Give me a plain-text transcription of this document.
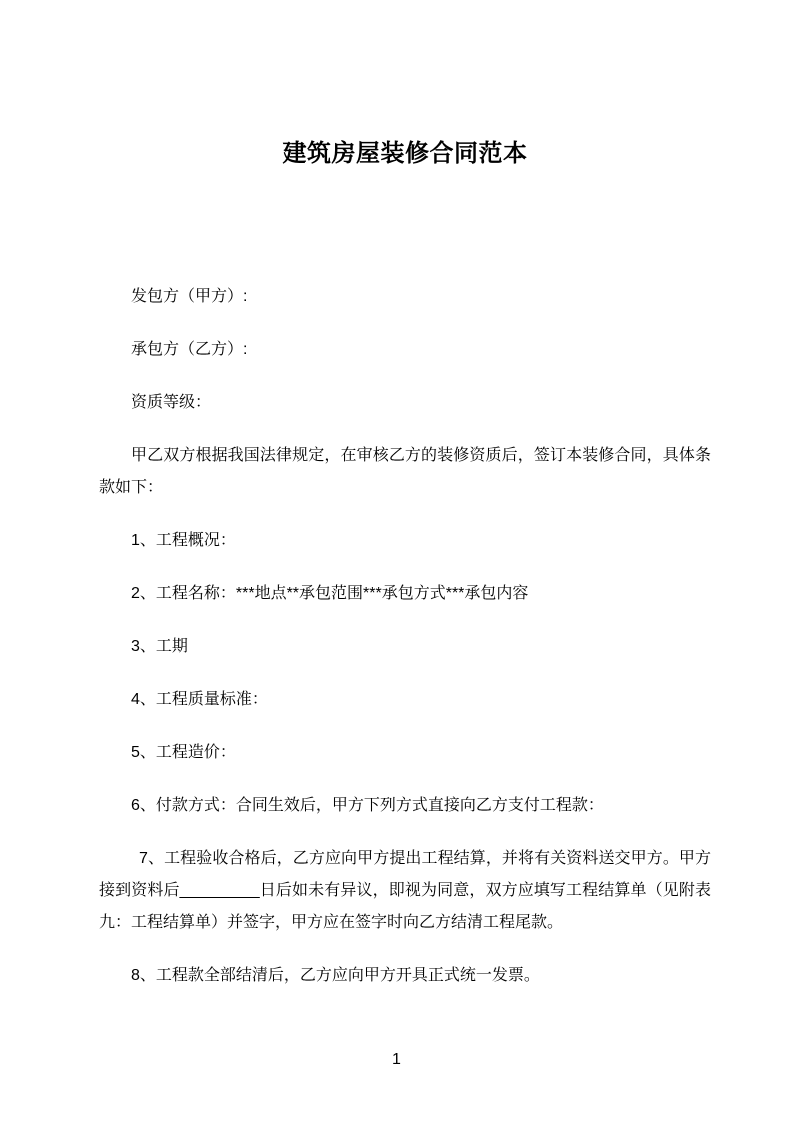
建筑房屋装修合同范本

发包方（甲方）:

承包方（乙方）:

资质等级：

甲乙双方根据我国法律规定，在审核乙方的装修资质后，签订本装修合同，具体条款如下：

1、工程概况：

2、工程名称：***地点**承包范围***承包方式***承包内容

3、工期

4、工程质量标准：

5、工程造价：

6、付款方式：合同生效后，甲方下列方式直接向乙方支付工程款：

7、工程验收合格后，乙方应向甲方提出工程结算，并将有关资料送交甲方。甲方接到资料后_________日后如未有异议，即视为同意，双方应填写工程结算单（见附表九：工程结算单）并签字，甲方应在签字时向乙方结清工程尾款。

8、工程款全部结清后，乙方应向甲方开具正式统一发票。

1
